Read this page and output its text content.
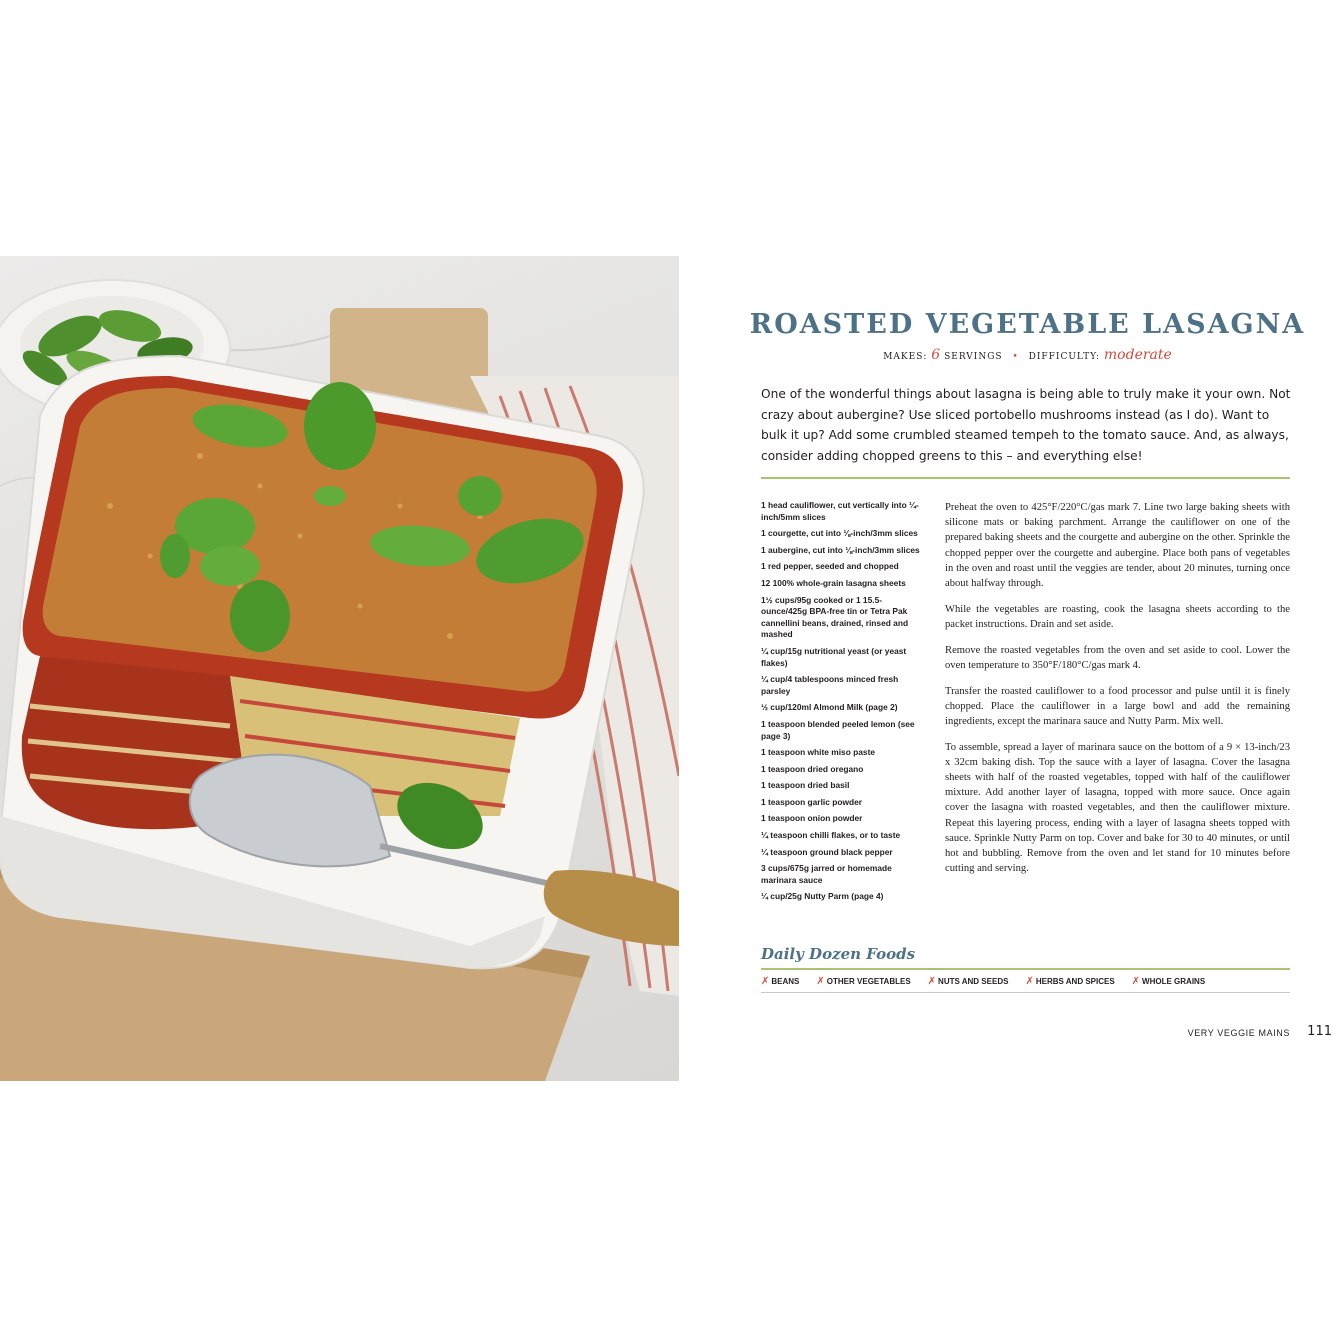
ROASTED VEGETABLE LASAGNA
MAKES: 6 SERVINGS • DIFFICULTY: moderate

One of the wonderful things about lasagna is being able to truly make it your own. Not crazy about aubergine? Use sliced portobello mushrooms instead (as I do). Want to bulk it up? Add some crumbled steamed tempeh to the tomato sauce. And, as always, consider adding chopped greens to this – and everything else!

1 head cauliflower, cut vertically into ¼-inch/5mm slices
1 courgette, cut into ⅛-inch/3mm slices
1 aubergine, cut into ⅛-inch/3mm slices
1 red pepper, seeded and chopped
12 100% whole-grain lasagna sheets
1½ cups/95g cooked or 1 15.5-ounce/425g BPA-free tin or Tetra Pak cannellini beans, drained, rinsed and mashed
¼ cup/15g nutritional yeast (or yeast flakes)
¼ cup/4 tablespoons minced fresh parsley
½ cup/120ml Almond Milk (page 2)
1 teaspoon blended peeled lemon (see page 3)
1 teaspoon white miso paste
1 teaspoon dried oregano
1 teaspoon dried basil
1 teaspoon garlic powder
1 teaspoon onion powder
¼ teaspoon chilli flakes, or to taste
¼ teaspoon ground black pepper
3 cups/675g jarred or homemade marinara sauce
¼ cup/25g Nutty Parm (page 4)

Preheat the oven to 425°F/220°C/gas mark 7. Line two large baking sheets with silicone mats or baking parchment. Arrange the cauliflower on one of the prepared baking sheets and the courgette and aubergine on the other. Sprinkle the chopped pepper over the courgette and aubergine. Place both pans of vegetables in the oven and roast until the veggies are tender, about 20 minutes, turning once about halfway through.

While the vegetables are roasting, cook the lasagna sheets according to the packet instructions. Drain and set aside.

Remove the roasted vegetables from the oven and set aside to cool. Lower the oven temperature to 350°F/180°C/gas mark 4.

Transfer the roasted cauliflower to a food processor and pulse until it is finely chopped. Place the cauliflower in a large bowl and add the remaining ingredients, except the marinara sauce and Nutty Parm. Mix well.

To assemble, spread a layer of marinara sauce on the bottom of a 9 × 13-inch/23 x 32cm baking dish. Top the sauce with a layer of lasagna. Cover the lasagna sheets with half of the roasted vegetables, topped with half of the cauliflower mixture. Add another layer of lasagna, topped with more sauce. Once again cover the lasagna with roasted vegetables, and then the cauliflower mixture. Repeat this layering process, ending with a layer of lasagna sheets topped with sauce. Sprinkle Nutty Parm on top. Cover and bake for 30 to 40 minutes, or until hot and bubbling. Remove from the oven and let stand for 10 minutes before cutting and serving.

Daily Dozen Foods
✗ BEANS ✗ OTHER VEGETABLES ✗ NUTS AND SEEDS ✗ HERBS AND SPICES ✗ WHOLE GRAINS
VERY VEGGIE MAINS	111
